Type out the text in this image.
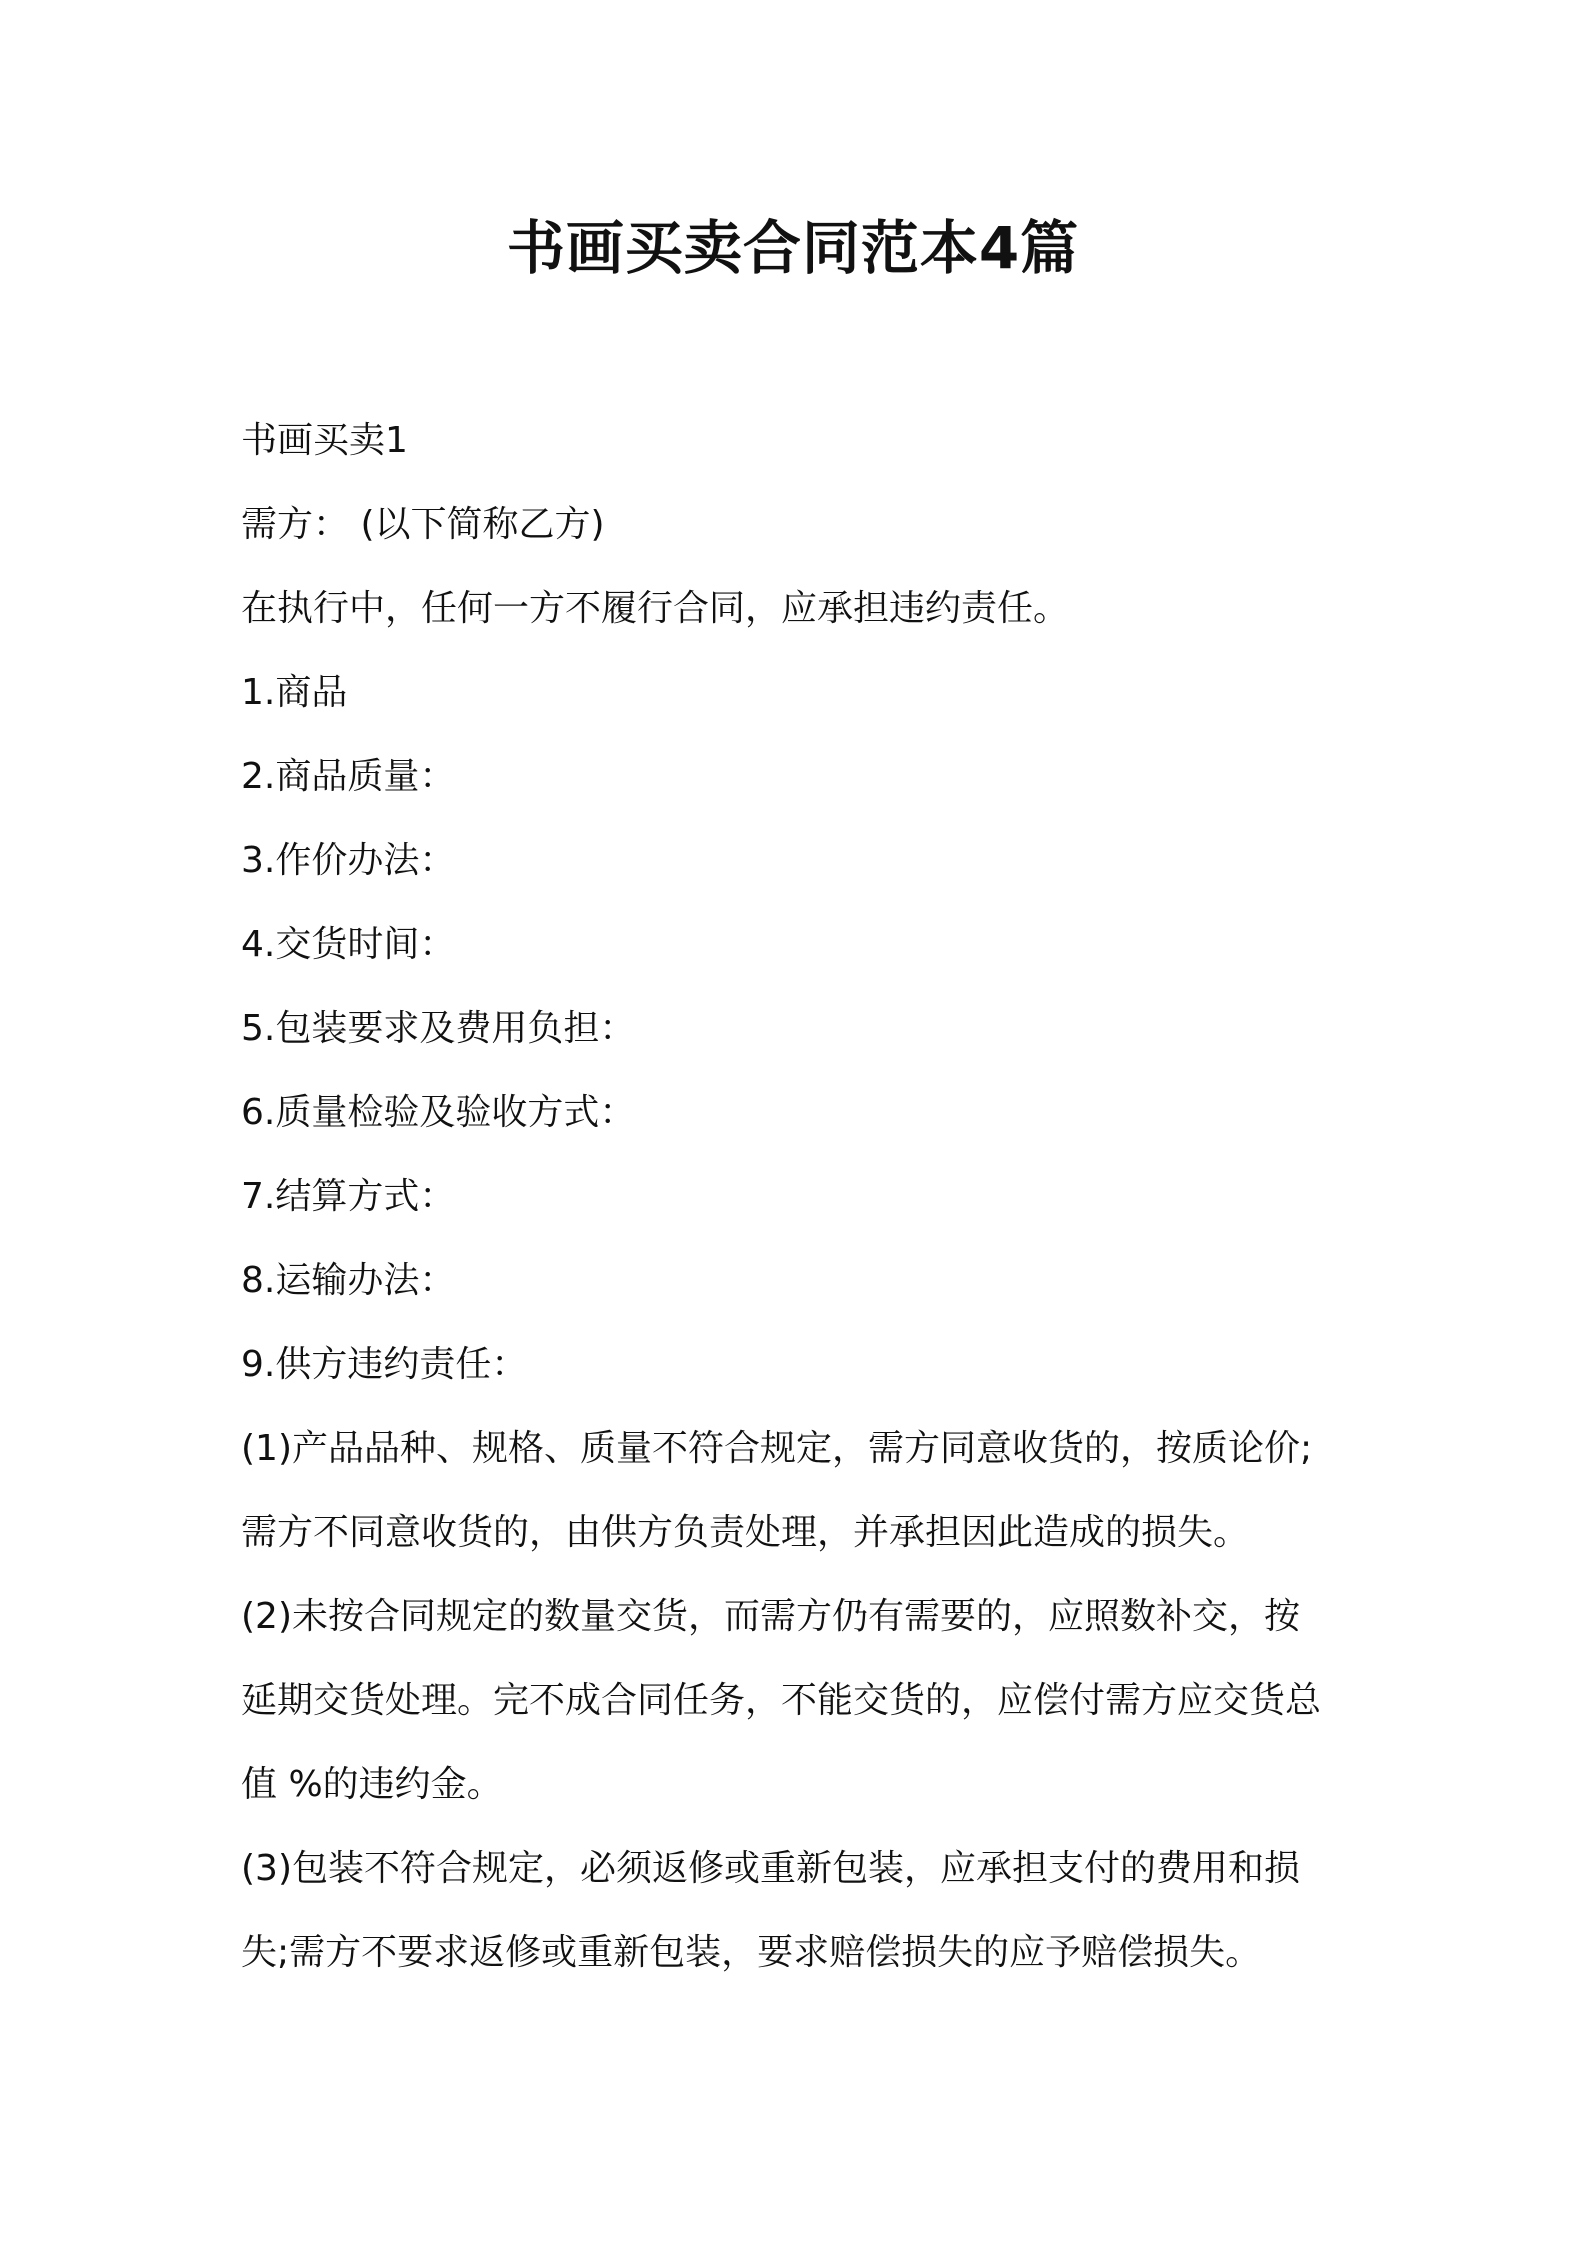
书画买卖合同范本4篇

书画买卖1

需方： (以下简称乙方)

在执行中，任何一方不履行合同，应承担违约责任。

1.商品

2.商品质量：

3.作价办法：

4.交货时间：

5.包装要求及费用负担：

6.质量检验及验收方式：

7.结算方式：

8.运输办法：

9.供方违约责任：

(1)产品品种、规格、质量不符合规定，需方同意收货的，按质论价;

需方不同意收货的，由供方负责处理，并承担因此造成的损失。

(2)未按合同规定的数量交货，而需方仍有需要的，应照数补交，按

延期交货处理。完不成合同任务，不能交货的，应偿付需方应交货总

值 %的违约金。

(3)包装不符合规定，必须返修或重新包装，应承担支付的费用和损

失;需方不要求返修或重新包装，要求赔偿损失的应予赔偿损失。
